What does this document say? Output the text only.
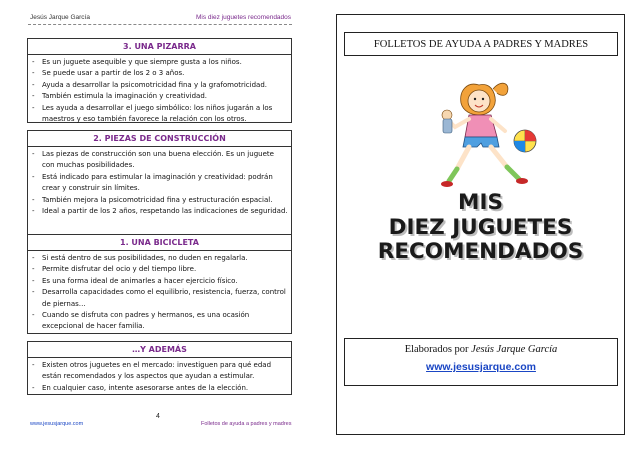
Jesús Jarque García	Mis diez juguetes recomendados
3. UNA PIZARRA
- Es un juguete asequible y que siempre gusta a los niños.
- Se puede usar a partir de los 2 o 3 años.
- Ayuda a desarrollar la psicomotricidad fina y la grafomotricidad.
- También estimula la imaginación y creatividad.
- Les ayuda a desarrollar el juego simbólico: los niños jugarán a los maestros y eso también favorece la relación con los otros.
2. PIEZAS DE CONSTRUCCIÓN
- Las piezas de construcción son una buena elección. Es un juguete con muchas posibilidades.
- Está indicado para estimular la imaginación y creatividad: podrán crear y construir sin límites.
- También mejora la psicomotricidad fina y estructuración espacial.
- Ideal a partir de los 2 años, respetando las indicaciones de seguridad.
1. UNA BICICLETA
- Si está dentro de sus posibilidades, no duden en regalarla.
- Permite disfrutar del ocio y del tiempo libre.
- Es una forma ideal de animarles a hacer ejercicio físico.
- Desarrolla capacidades como el equilibrio, resistencia, fuerza, control de piernas…
- Cuando se disfruta con padres y hermanos, es una ocasión excepcional de hacer familia.
…Y ADEMÁS
- Existen otros juguetes en el mercado: investiguen para qué edad están recomendados y los aspectos que ayudan a estimular.
- En cualquier caso, intente asesorarse antes de la elección.
4
www.jesusjarque.com	Folletos de ayuda a padres y madres
FOLLETOS DE AYUDA A PADRES Y MADRES
MIS
DIEZ JUGUETES
RECOMENDADOS
Elaborados por Jesús Jarque García
www.jesusjarque.com
